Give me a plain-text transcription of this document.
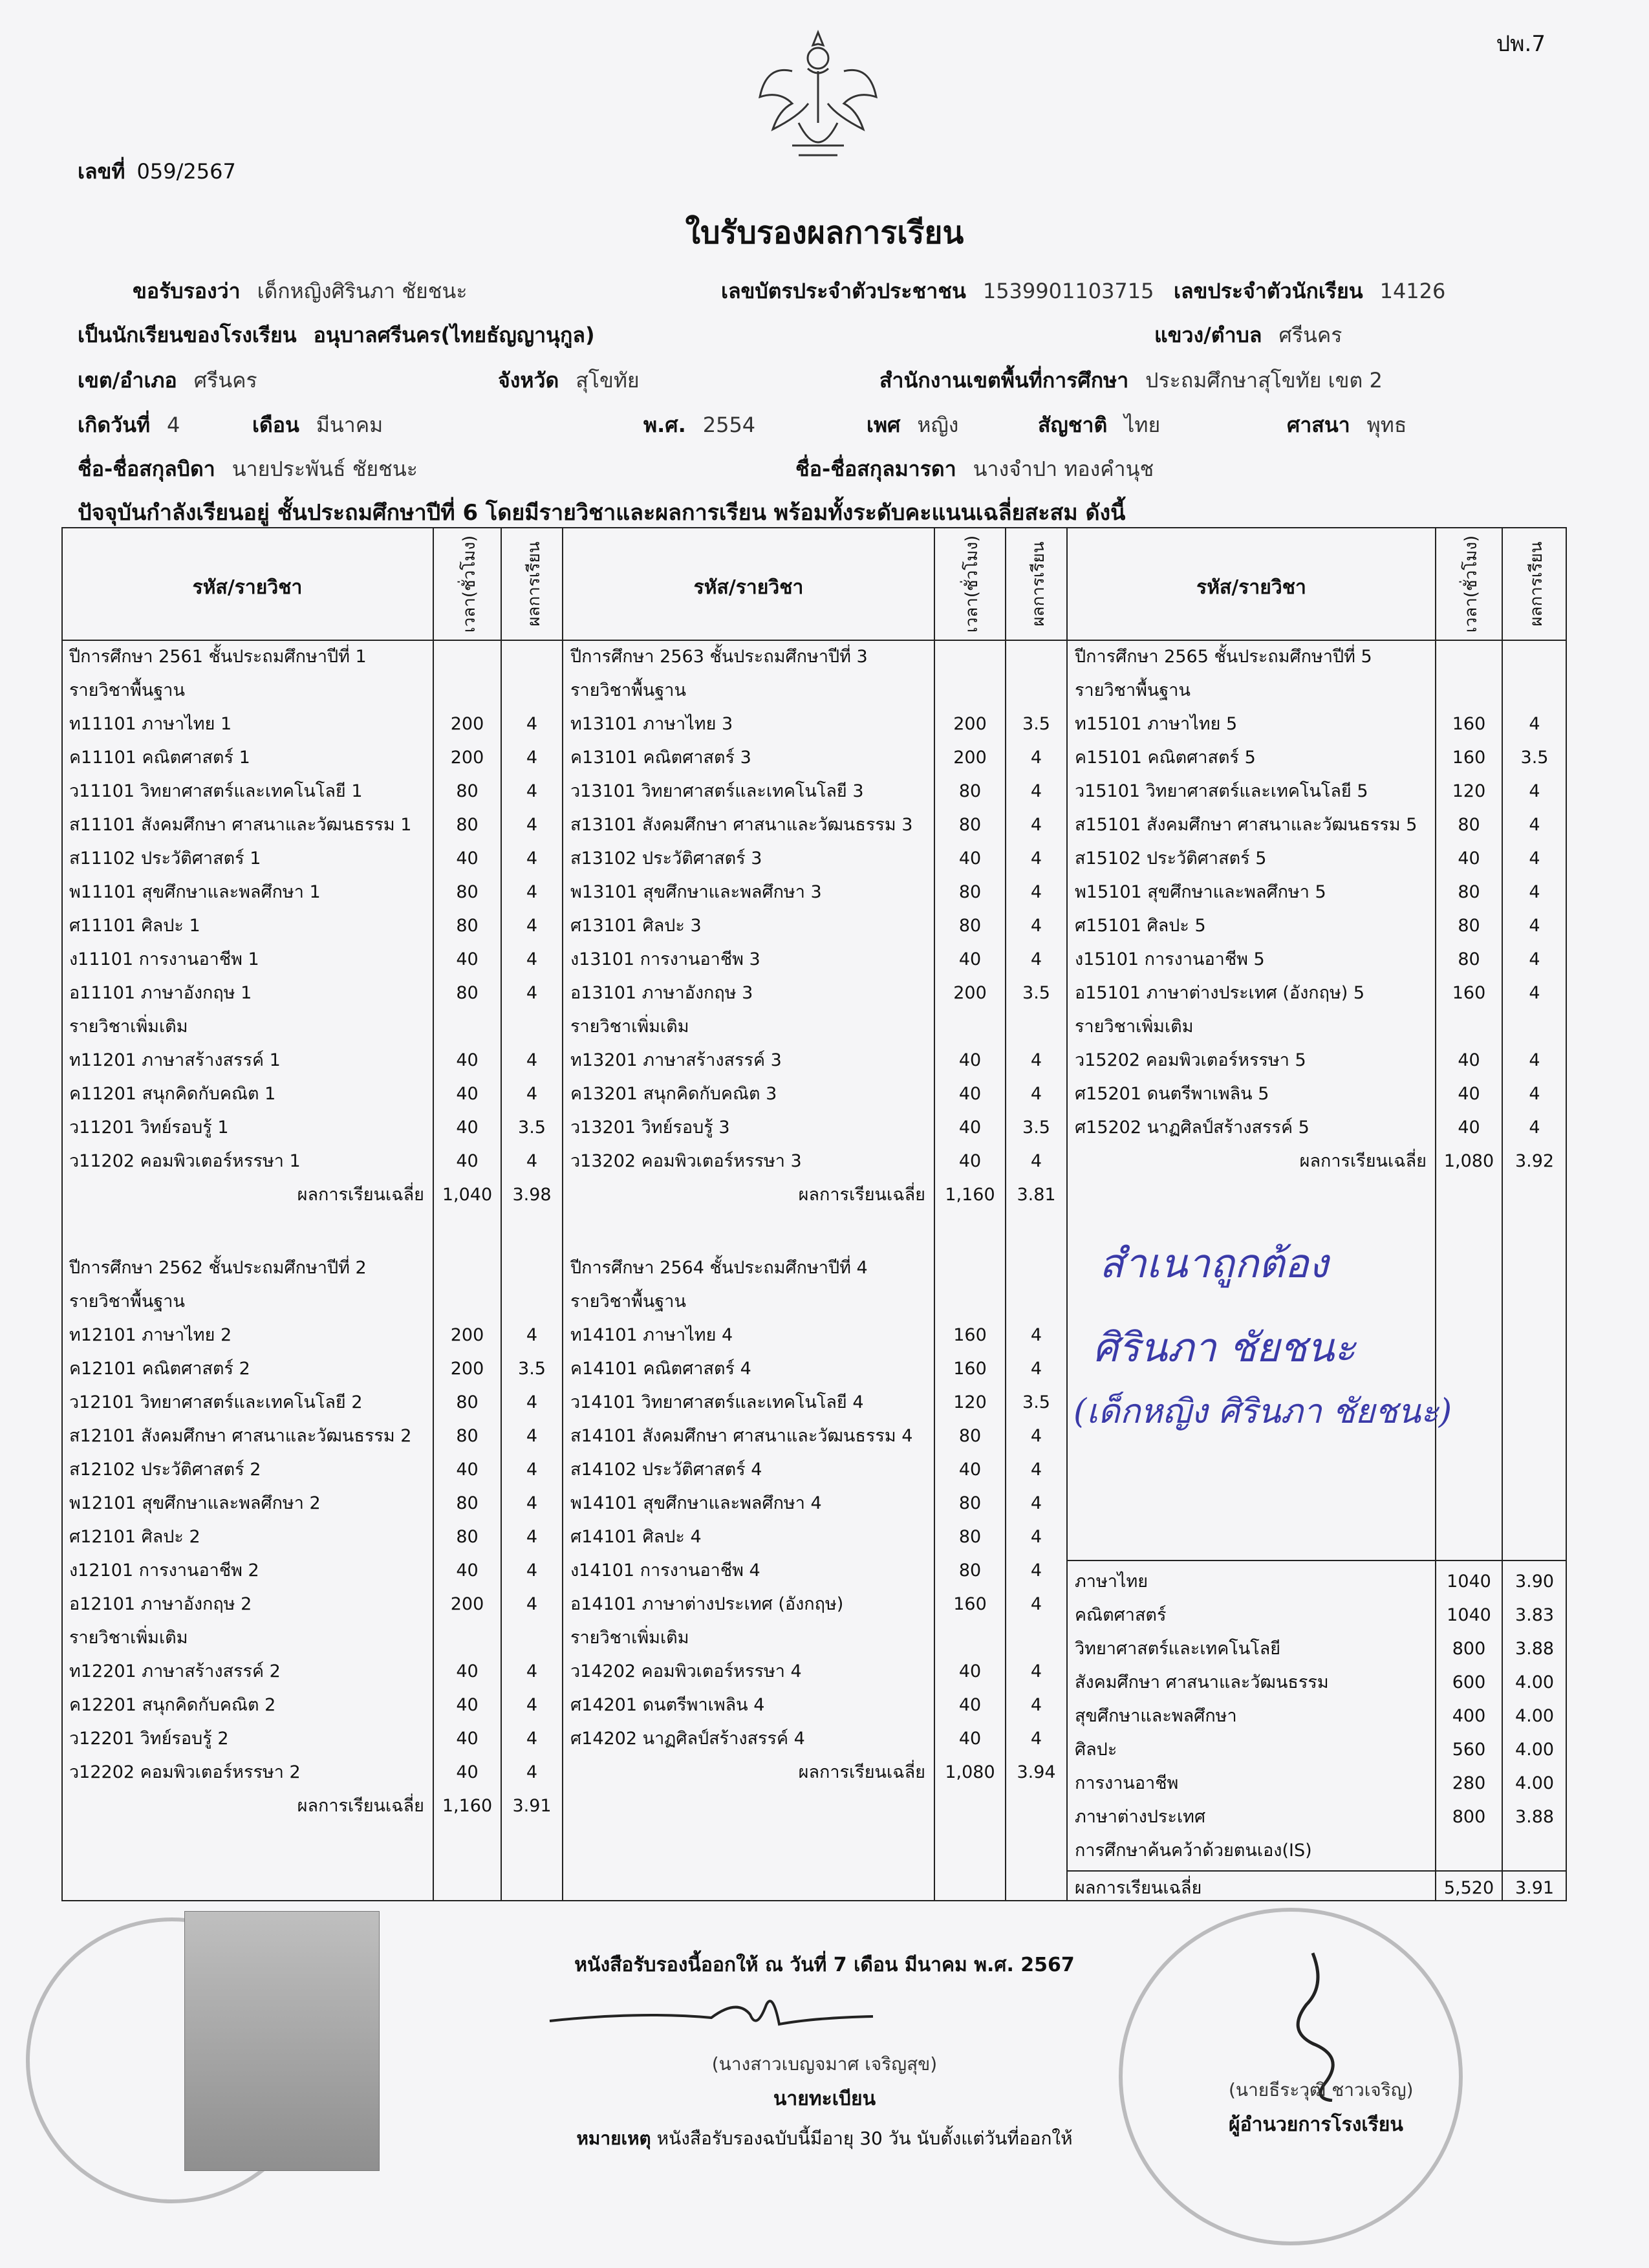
ปพ.7
เลขที่ 059/2567
ใบรับรองผลการเรียน
ขอรับรองว่า เด็กหญิงศิรินภา ชัยชนะ	เลขบัตรประจำตัวประชาชน 1539901103715 เลขประจำตัวนักเรียน 14126
เป็นนักเรียนของโรงเรียน อนุบาลศรีนคร(ไทยธัญญานุกูล)	แขวง/ตำบล ศรีนคร
เขต/อำเภอ ศรีนคร	จังหวัด สุโขทัย	สำนักงานเขตพื้นที่การศึกษา ประถมศึกษาสุโขทัย เขต 2
เกิดวันที่ 4	เดือน มีนาคม	พ.ศ. 2554	เพศ หญิง	สัญชาติ ไทย	ศาสนา พุทธ
ชื่อ-ชื่อสกุลบิดา นายประพันธ์ ชัยชนะ	ชื่อ-ชื่อสกุลมารดา นางจำปา ทองคำนุช
ปัจจุบันกำลังเรียนอยู่ ชั้นประถมศึกษาปีที่ 6 โดยมีรายวิชาและผลการเรียน พร้อมทั้งระดับคะแนนเฉลี่ยสะสม ดังนี้
รหัส/รายวิชา	เวลา(ชั่วโมง)	ผลการเรียน	รหัส/รายวิชา	เวลา(ชั่วโมง)	ผลการเรียน	รหัส/รายวิชา	เวลา(ชั่วโมง)	ผลการเรียน
ปีการศึกษา 2561 ชั้นประถมศึกษาปีที่ 1
รายวิชาพื้นฐาน
ท11101 ภาษาไทย 1	200	4
ค11101 คณิตศาสตร์ 1	200	4
ว11101 วิทยาศาสตร์และเทคโนโลยี 1	80	4
ส11101 สังคมศึกษา ศาสนาและวัฒนธรรม 1	80	4
ส11102 ประวัติศาสตร์ 1	40	4
พ11101 สุขศึกษาและพลศึกษา 1	80	4
ศ11101 ศิลปะ 1	80	4
ง11101 การงานอาชีพ 1	40	4
อ11101 ภาษาอังกฤษ 1	80	4
รายวิชาเพิ่มเติม
ท11201 ภาษาสร้างสรรค์ 1	40	4
ค11201 สนุกคิดกับคณิต 1	40	4
ว11201 วิทย์รอบรู้ 1	40	3.5
ว11202 คอมพิวเตอร์หรรษา 1	40	4
ผลการเรียนเฉลี่ย	1,040	3.98
ปีการศึกษา 2562 ชั้นประถมศึกษาปีที่ 2
รายวิชาพื้นฐาน
ท12101 ภาษาไทย 2	200	4
ค12101 คณิตศาสตร์ 2	200	3.5
ว12101 วิทยาศาสตร์และเทคโนโลยี 2	80	4
ส12101 สังคมศึกษา ศาสนาและวัฒนธรรม 2	80	4
ส12102 ประวัติศาสตร์ 2	40	4
พ12101 สุขศึกษาและพลศึกษา 2	80	4
ศ12101 ศิลปะ 2	80	4
ง12101 การงานอาชีพ 2	40	4
อ12101 ภาษาอังกฤษ 2	200	4
รายวิชาเพิ่มเติม
ท12201 ภาษาสร้างสรรค์ 2	40	4
ค12201 สนุกคิดกับคณิต 2	40	4
ว12201 วิทย์รอบรู้ 2	40	4
ว12202 คอมพิวเตอร์หรรษา 2	40	4
ผลการเรียนเฉลี่ย	1,160	3.91
ปีการศึกษา 2563 ชั้นประถมศึกษาปีที่ 3
รายวิชาพื้นฐาน
ท13101 ภาษาไทย 3	200	3.5
ค13101 คณิตศาสตร์ 3	200	4
ว13101 วิทยาศาสตร์และเทคโนโลยี 3	80	4
ส13101 สังคมศึกษา ศาสนาและวัฒนธรรม 3	80	4
ส13102 ประวัติศาสตร์ 3	40	4
พ13101 สุขศึกษาและพลศึกษา 3	80	4
ศ13101 ศิลปะ 3	80	4
ง13101 การงานอาชีพ 3	40	4
อ13101 ภาษาอังกฤษ 3	200	3.5
รายวิชาเพิ่มเติม
ท13201 ภาษาสร้างสรรค์ 3	40	4
ค13201 สนุกคิดกับคณิต 3	40	4
ว13201 วิทย์รอบรู้ 3	40	3.5
ว13202 คอมพิวเตอร์หรรษา 3	40	4
ผลการเรียนเฉลี่ย	1,160	3.81
ปีการศึกษา 2564 ชั้นประถมศึกษาปีที่ 4
รายวิชาพื้นฐาน
ท14101 ภาษาไทย 4	160	4
ค14101 คณิตศาสตร์ 4	160	4
ว14101 วิทยาศาสตร์และเทคโนโลยี 4	120	3.5
ส14101 สังคมศึกษา ศาสนาและวัฒนธรรม 4	80	4
ส14102 ประวัติศาสตร์ 4	40	4
พ14101 สุขศึกษาและพลศึกษา 4	80	4
ศ14101 ศิลปะ 4	80	4
ง14101 การงานอาชีพ 4	80	4
อ14101 ภาษาต่างประเทศ (อังกฤษ)	160	4
รายวิชาเพิ่มเติม
ว14202 คอมพิวเตอร์หรรษา 4	40	4
ศ14201 ดนตรีพาเพลิน 4	40	4
ศ14202 นาฏศิลป์สร้างสรรค์ 4	40	4
ผลการเรียนเฉลี่ย	1,080	3.94
ปีการศึกษา 2565 ชั้นประถมศึกษาปีที่ 5
รายวิชาพื้นฐาน
ท15101 ภาษาไทย 5	160	4
ค15101 คณิตศาสตร์ 5	160	3.5
ว15101 วิทยาศาสตร์และเทคโนโลยี 5	120	4
ส15101 สังคมศึกษา ศาสนาและวัฒนธรรม 5	80	4
ส15102 ประวัติศาสตร์ 5	40	4
พ15101 สุขศึกษาและพลศึกษา 5	80	4
ศ15101 ศิลปะ 5	80	4
ง15101 การงานอาชีพ 5	80	4
อ15101 ภาษาต่างประเทศ (อังกฤษ) 5	160	4
รายวิชาเพิ่มเติม
ว15202 คอมพิวเตอร์หรรษา 5	40	4
ศ15201 ดนตรีพาเพลิน 5	40	4
ศ15202 นาฏศิลป์สร้างสรรค์ 5	40	4
ผลการเรียนเฉลี่ย 1,080	3.92
ภาษาไทย	1040	3.90
คณิตศาสตร์	1040	3.83
วิทยาศาสตร์และเทคโนโลยี	800	3.88
สังคมศึกษา ศาสนาและวัฒนธรรม	600	4.00
สุขศึกษาและพลศึกษา	400	4.00
ศิลปะ	560	4.00
การงานอาชีพ	280	4.00
ภาษาต่างประเทศ	800	3.88
การศึกษาค้นคว้าด้วยตนเอง(IS)
ผลการเรียนเฉลี่ย	5,520	3.91
สำเนาถูกต้อง
ศิรินภา ชัยชนะ
(เด็กหญิง ศิรินภา ชัยชนะ)
หนังสือรับรองนี้ออกให้ ณ วันที่ 7 เดือน มีนาคม พ.ศ. 2567
(นางสาวเบญจมาศ เจริญสุข)
นายทะเบียน
หมายเหตุ หนังสือรับรองฉบับนี้มีอายุ 30 วัน นับตั้งแต่วันที่ออกให้
(นายธีระวุฒิ ชาวเจริญ)
ผู้อำนวยการโรงเรียน
